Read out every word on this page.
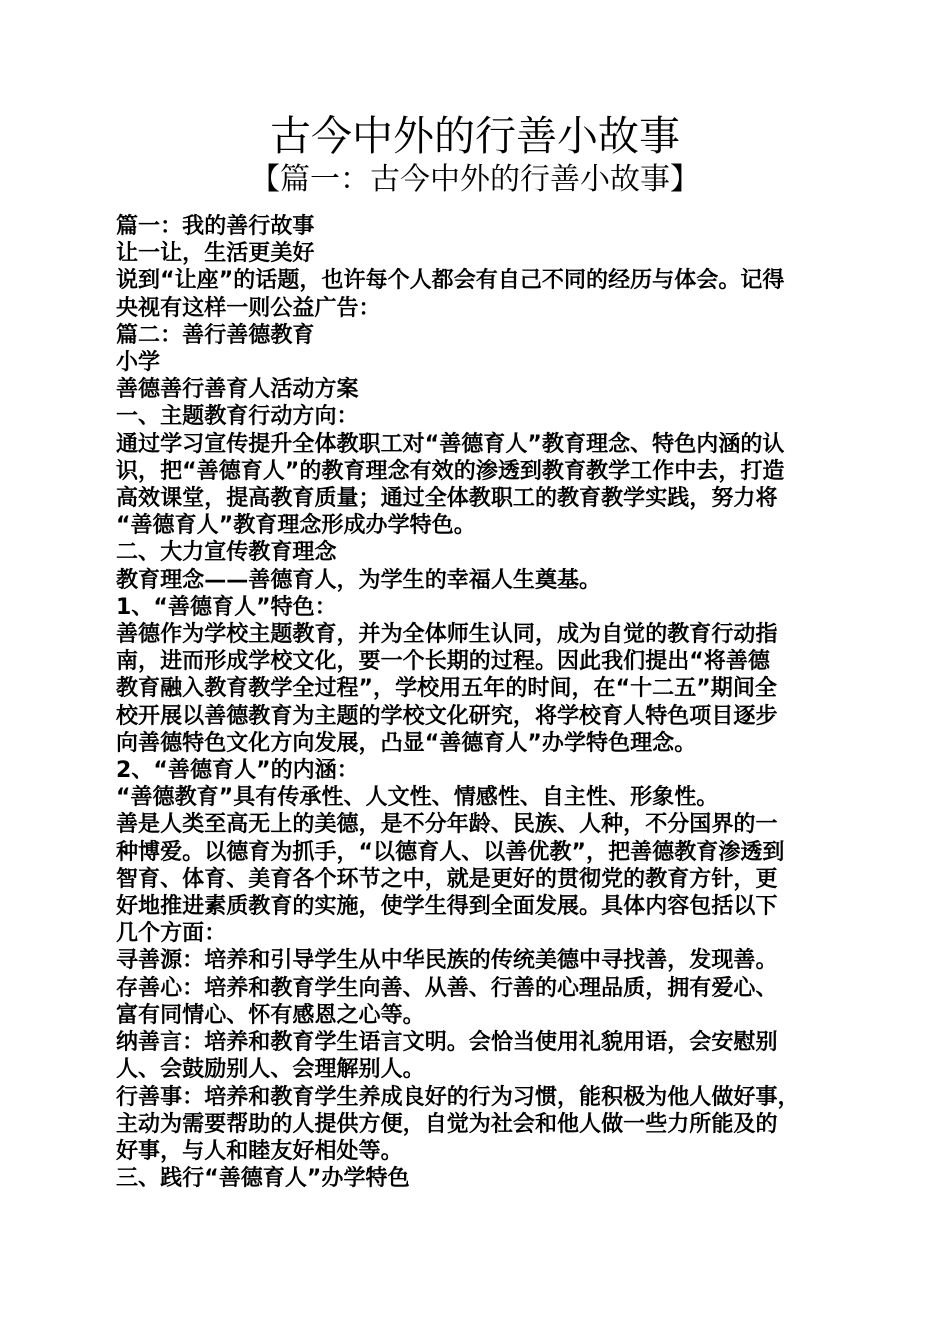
古今中外的行善小故事
【篇一：古今中外的行善小故事】
篇一：我的善行故事
让一让，生活更美好
说到“让座”的话题，也许每个人都会有自己不同的经历与体会。记得
央视有这样一则公益广告：
篇二：善行善德教育
小学
善德善行善育人活动方案
一、主题教育行动方向：
通过学习宣传提升全体教职工对“善德育人”教育理念、特色内涵的认
识，把“善德育人”的教育理念有效的渗透到教育教学工作中去，打造
高效课堂，提高教育质量；通过全体教职工的教育教学实践，努力将
“善德育人”教育理念形成办学特色。
二、大力宣传教育理念
教育理念——善德育人，为学生的幸福人生奠基。
1、“善德育人”特色：
善德作为学校主题教育，并为全体师生认同，成为自觉的教育行动指
南，进而形成学校文化，要一个长期的过程。因此我们提出“将善德
教育融入教育教学全过程”，学校用五年的时间，在“十二五”期间全
校开展以善德教育为主题的学校文化研究，将学校育人特色项目逐步
向善德特色文化方向发展，凸显“善德育人”办学特色理念。
2、“善德育人”的内涵：
“善德教育”具有传承性、人文性、情感性、自主性、形象性。
善是人类至高无上的美德，是不分年龄、民族、人种，不分国界的一
种博爱。以德育为抓手，“以德育人、以善优教”，把善德教育渗透到
智育、体育、美育各个环节之中，就是更好的贯彻党的教育方针，更
好地推进素质教育的实施，使学生得到全面发展。具体内容包括以下
几个方面：
寻善源：培养和引导学生从中华民族的传统美德中寻找善，发现善。
存善心：培养和教育学生向善、从善、行善的心理品质，拥有爱心、
富有同情心、怀有感恩之心等。
纳善言：培养和教育学生语言文明。会恰当使用礼貌用语，会安慰别
人、会鼓励别人、会理解别人。
行善事：培养和教育学生养成良好的行为习惯，能积极为他人做好事，
主动为需要帮助的人提供方便，自觉为社会和他人做一些力所能及的
好事，与人和睦友好相处等。
三、践行“善德育人”办学特色
